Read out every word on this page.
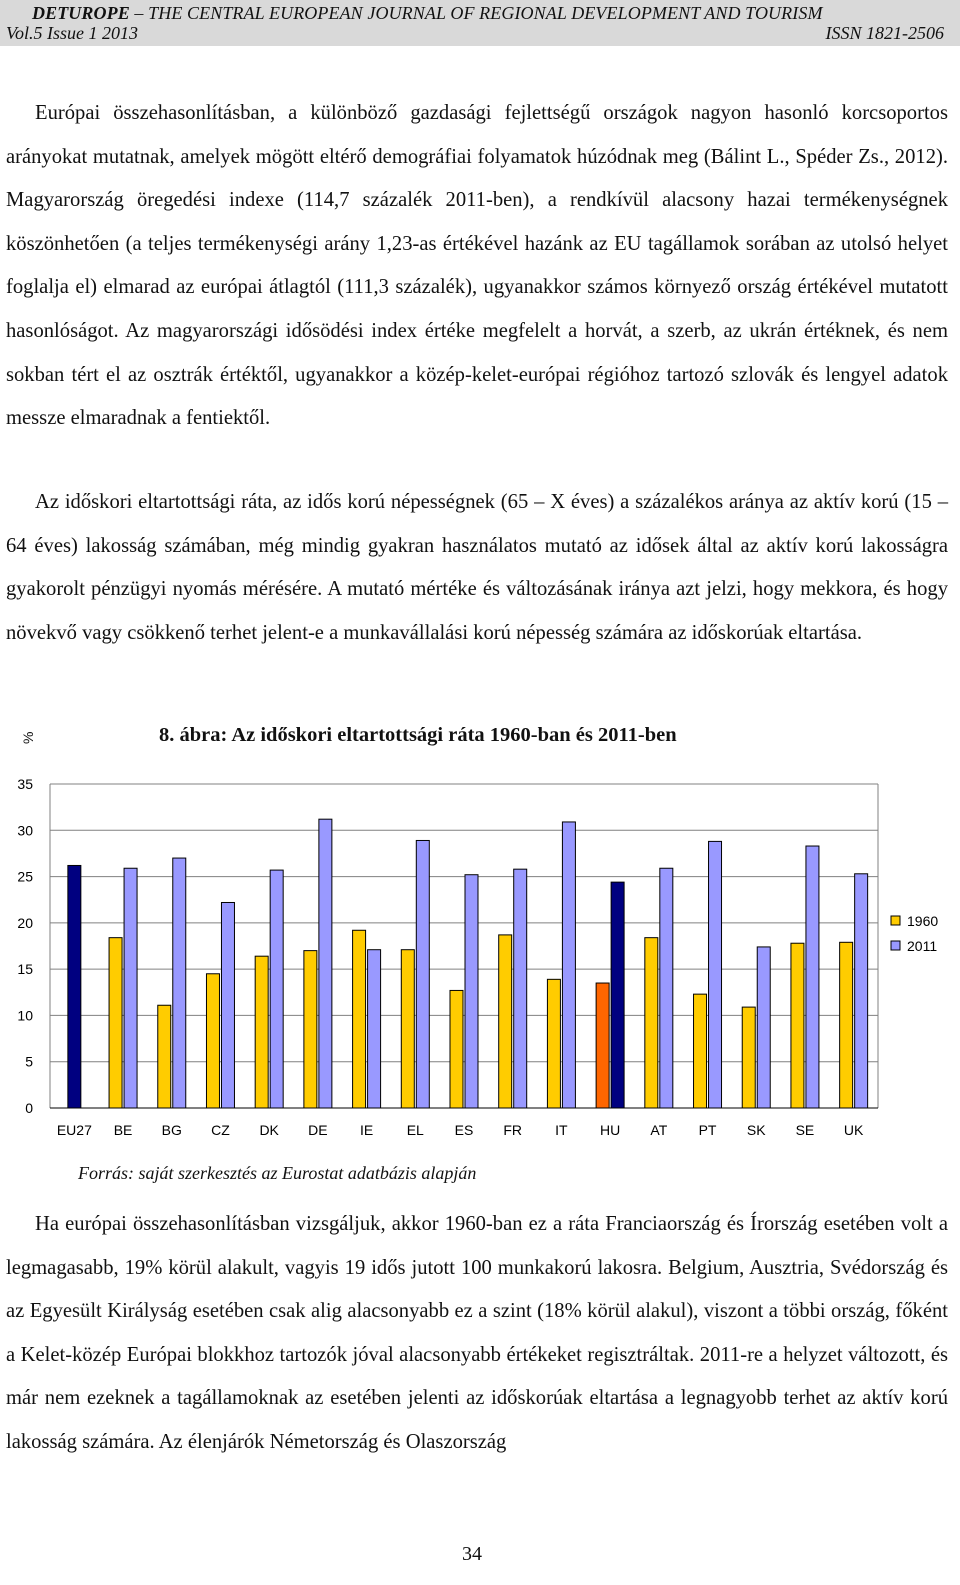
DETUROPE – THE CENTRAL EUROPEAN JOURNAL OF REGIONAL DEVELOPMENT AND TOURISM
Vol.5 Issue 1 2013	ISSN 1821-2506

Európai összehasonlításban, a különböző gazdasági fejlettségű országok nagyon hasonló korcsoportos arányokat mutatnak, amelyek mögött eltérő demográfiai folyamatok húzódnak meg (Bálint L., Spéder Zs., 2012). Magyarország öregedési indexe (114,7 százalék 2011-ben), a rendkívül alacsony hazai termékenységnek köszönhetően (a teljes termékenységi arány 1,23-as értékével hazánk az EU tagállamok sorában az utolsó helyet foglalja el) elmarad az európai átlagtól (111,3 százalék), ugyanakkor számos környező ország értékével mutatott hasonlóságot. Az magyarországi idősödési index értéke megfelelt a horvát, a szerb, az ukrán értéknek, és nem sokban tért el az osztrák értéktől, ugyanakkor a közép-kelet-európai régióhoz tartozó szlovák és lengyel adatok messze elmaradnak a fentiektől.

Az időskori eltartottsági ráta, az idős korú népességnek (65 – X éves) a százalékos aránya az aktív korú (15 – 64 éves) lakosság számában, még mindig gyakran használatos mutató az idősek által az aktív korú lakosságra gyakorolt pénzügyi nyomás mérésére. A mutató mértéke és változásának iránya azt jelzi, hogy mekkora, és hogy növekvő vagy csökkenő terhet jelent-e a munkavállalási korú népesség számára az időskorúak eltartása.

%	8. ábra: Az időskori eltartottsági ráta 1960-ban és 2011-ben
0
5
10
15
20
25
30
35
EU27 BE BG CZ DK DE IE EL ES FR IT HU AT PT SK SE UK
1960
2011
Forrás: saját szerkesztés az Eurostat adatbázis alapján

Ha európai összehasonlításban vizsgáljuk, akkor 1960-ban ez a ráta Franciaország és Írország esetében volt a legmagasabb, 19% körül alakult, vagyis 19 idős jutott 100 munkakorú lakosra. Belgium, Ausztria, Svédország és az Egyesült Királyság esetében csak alig alacsonyabb ez a szint (18% körül alakul), viszont a többi ország, főként a Kelet-közép Európai blokkhoz tartozók jóval alacsonyabb értékeket regisztráltak. 2011-re a helyzet változott, és már nem ezeknek a tagállamoknak az esetében jelenti az időskorúak eltartása a legnagyobb terhet az aktív korú lakosság számára. Az élenjárók Németország és Olaszország

34
